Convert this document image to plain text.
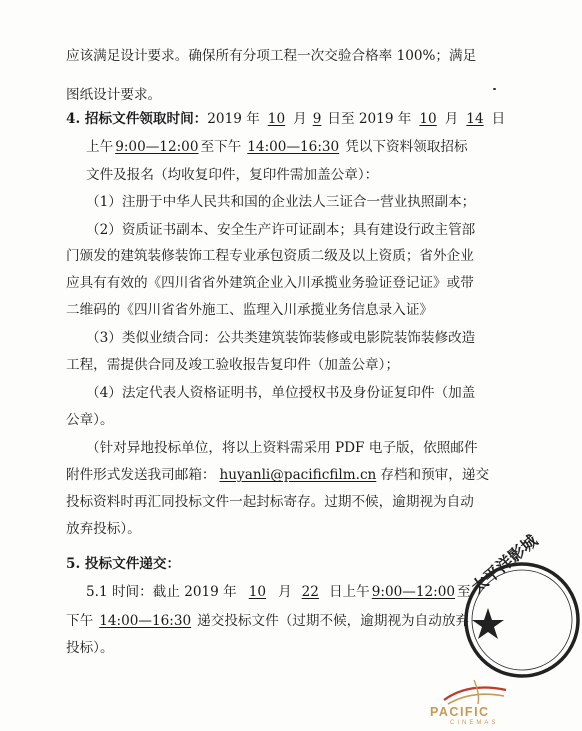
应该满足设计要求。确保所有分项工程一次交验合格率 100%；满足
图纸设计要求。
4. 招标文件领取时间：2019 年 10 月 9 日至 2019 年 10 月 14 日
上午 9:00—12:00 至下午 14:00—16:30 凭以下资料领取招标
文件及报名（均收复印件，复印件需加盖公章）：
（1）注册于中华人民共和国的企业法人三证合一营业执照副本；
（2）资质证书副本、安全生产许可证副本；具有建设行政主管部
门颁发的建筑装修装饰工程专业承包资质二级及以上资质；省外企业
应具有有效的《四川省省外建筑企业入川承揽业务验证登记证》或带
二维码的《四川省省外施工、监理入川承揽业务信息录入证》
（3）类似业绩合同：公共类建筑装饰装修或电影院装饰装修改造
工程，需提供合同及竣工验收报告复印件（加盖公章）；
（4）法定代表人资格证明书，单位授权书及身份证复印件（加盖
公章）。
（针对异地投标单位，将以上资料需采用 PDF 电子版，依照邮件
附件形式发送我司邮箱： huyanli@pacificfilm.cn 存档和预审，递交
投标资料时再汇同投标文件一起封标寄存。过期不候，逾期视为自动
放弃投标）。
5. 投标文件递交：
5.1 时间：截止 2019 年 10 月 22 日上午 9:00—12:00 至
下午 14:00—16:30 递交投标文件（过期不候，逾期视为自动放弃
投标）。
太平洋影城
PACIFIC
CINEMAS
